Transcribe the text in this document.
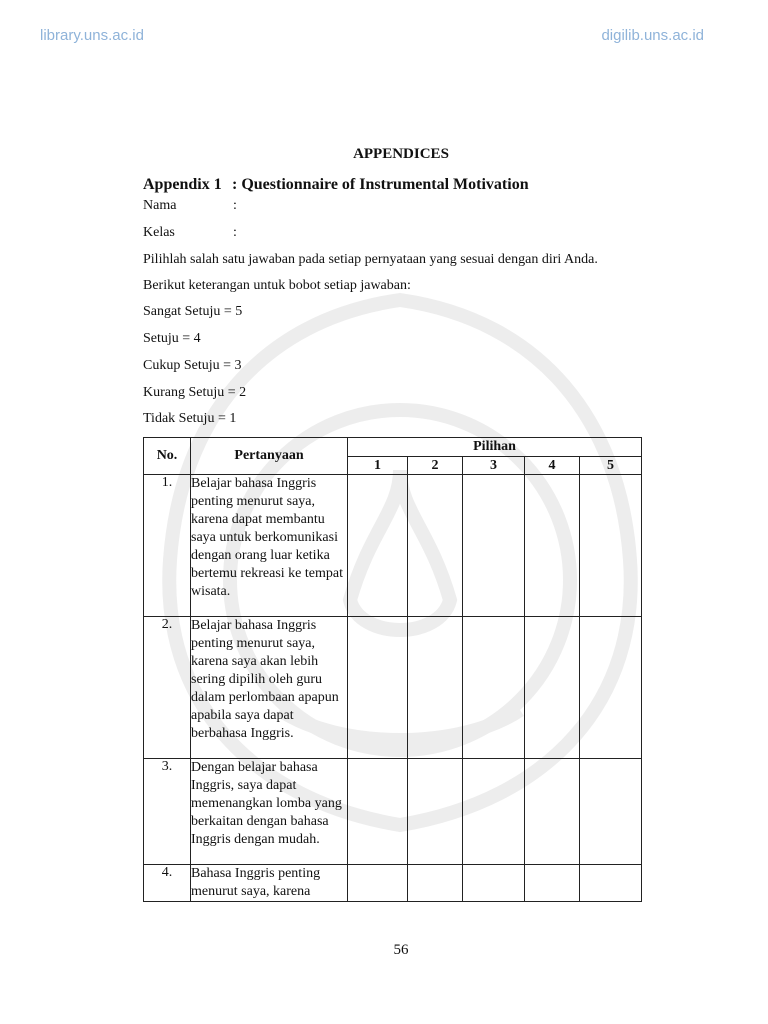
library.uns.ac.id	digilib.uns.ac.id
APPENDICES
Appendix 1 : Questionnaire of Instrumental Motivation
Nama	:
Kelas	:
Pilihlah salah satu jawaban pada setiap pernyataan yang sesuai dengan diri Anda.
Berikut keterangan untuk bobot setiap jawaban:
Sangat Setuju = 5
Setuju = 4
Cukup Setuju = 3
Kurang Setuju = 2
Tidak Setuju = 1
No.	Pertanyaan	Pilihan				
		1	2	3	4	5
1.	Belajar bahasa Inggris penting menurut saya, karena dapat membantu saya untuk berkomunikasi dengan orang luar ketika bertemu rekreasi ke tempat wisata.					
2.	Belajar bahasa Inggris penting menurut saya, karena saya akan lebih sering dipilih oleh guru dalam perlombaan apapun apabila saya dapat berbahasa Inggris.					
3.	Dengan belajar bahasa Inggris, saya dapat memenangkan lomba yang berkaitan dengan bahasa Inggris dengan mudah.					
4.	Bahasa Inggris penting menurut saya, karena					
56
